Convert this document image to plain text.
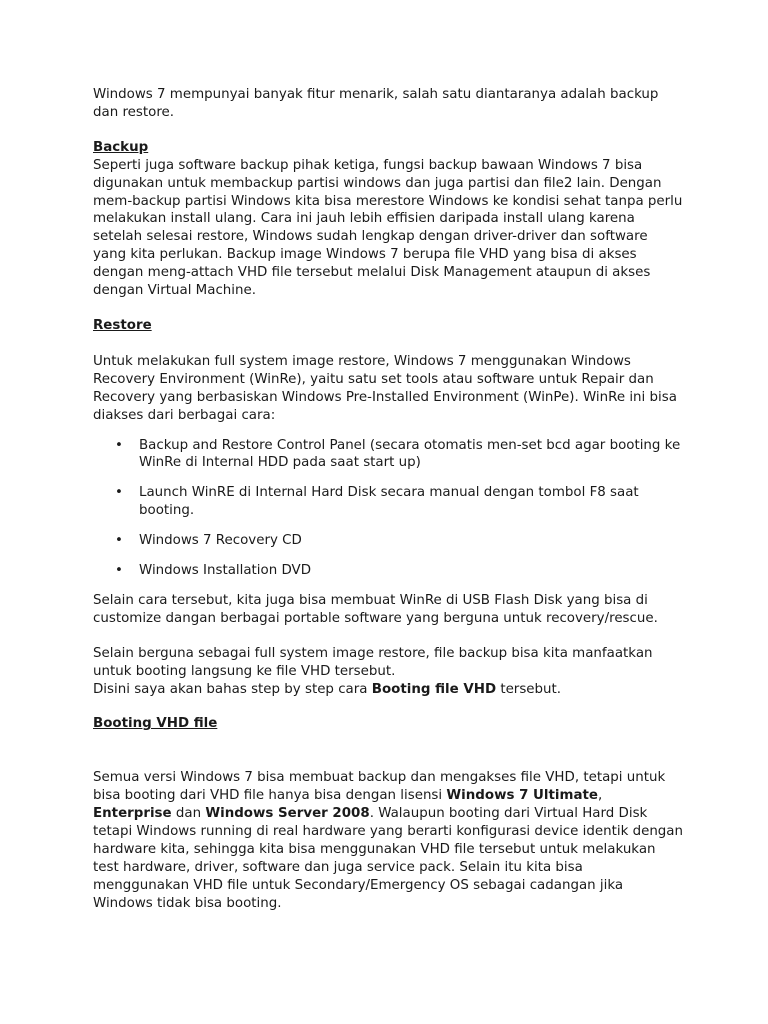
Windows 7 mempunyai banyak fitur menarik, salah satu diantaranya adalah backup dan restore.

Backup

Seperti juga software backup pihak ketiga, fungsi backup bawaan Windows 7 bisa digunakan untuk membackup partisi windows dan juga partisi dan file2 lain. Dengan mem-backup partisi Windows kita bisa merestore Windows ke kondisi sehat tanpa perlu melakukan install ulang. Cara ini jauh lebih effisien daripada install ulang karena setelah selesai restore, Windows sudah lengkap dengan driver-driver dan software yang kita perlukan. Backup image Windows 7 berupa file VHD yang bisa di akses dengan meng-attach VHD file tersebut melalui Disk Management ataupun di akses dengan Virtual Machine.

Restore

Untuk melakukan full system image restore, Windows 7 menggunakan Windows Recovery Environment (WinRe), yaitu satu set tools atau software untuk Repair dan Recovery yang berbasiskan Windows Pre-Installed Environment (WinPe). WinRe ini bisa diakses dari berbagai cara:

• Backup and Restore Control Panel (secara otomatis men-set bcd agar booting ke WinRe di Internal HDD pada saat start up)
• Launch WinRE di Internal Hard Disk secara manual dengan tombol F8 saat booting.
• Windows 7 Recovery CD
• Windows Installation DVD

Selain cara tersebut, kita juga bisa membuat WinRe di USB Flash Disk yang bisa di customize dangan berbagai portable software yang berguna untuk recovery/rescue.

Selain berguna sebagai full system image restore, file backup bisa kita manfaatkan untuk booting langsung ke file VHD tersebut.

Disini saya akan bahas step by step cara Booting file VHD tersebut.

Booting VHD file

Semua versi Windows 7 bisa membuat backup dan mengakses file VHD, tetapi untuk bisa booting dari VHD file hanya bisa dengan lisensi Windows 7 Ultimate, Enterprise dan Windows Server 2008. Walaupun booting dari Virtual Hard Disk tetapi Windows running di real hardware yang berarti konfigurasi device identik dengan hardware kita, sehingga kita bisa menggunakan VHD file tersebut untuk melakukan test hardware, driver, software dan juga service pack. Selain itu kita bisa menggunakan VHD file untuk Secondary/Emergency OS sebagai cadangan jika Windows tidak bisa booting.
